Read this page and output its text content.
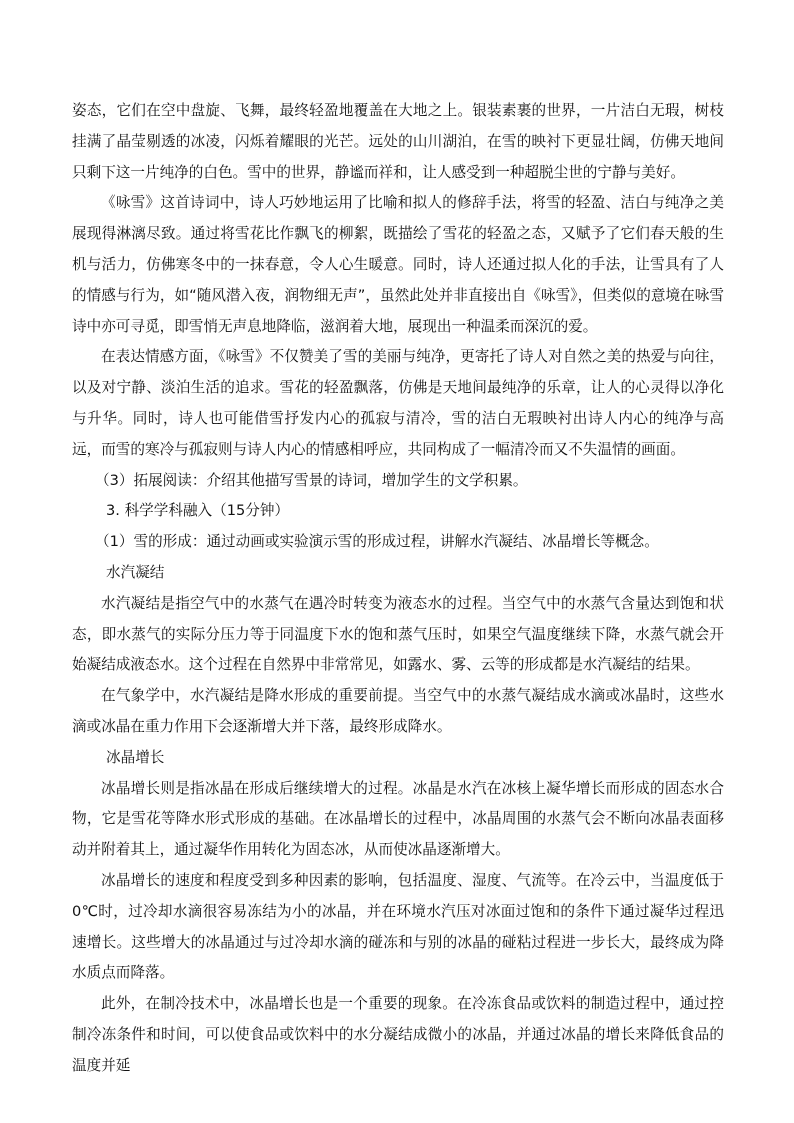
姿态，它们在空中盘旋、飞舞，最终轻盈地覆盖在大地之上。银装素裹的世界，一片洁白无瑕，树枝挂满了晶莹剔透的冰凌，闪烁着耀眼的光芒。远处的山川湖泊，在雪的映衬下更显壮阔，仿佛天地间只剩下这一片纯净的白色。雪中的世界，静谧而祥和，让人感受到一种超脱尘世的宁静与美好。

《咏雪》这首诗词中，诗人巧妙地运用了比喻和拟人的修辞手法，将雪的轻盈、洁白与纯净之美展现得淋漓尽致。通过将雪花比作飘飞的柳絮，既描绘了雪花的轻盈之态，又赋予了它们春天般的生机与活力，仿佛寒冬中的一抹春意，令人心生暖意。同时，诗人还通过拟人化的手法，让雪具有了人的情感与行为，如“随风潜入夜，润物细无声”，虽然此处并非直接出自《咏雪》，但类似的意境在咏雪诗中亦可寻觅，即雪悄无声息地降临，滋润着大地，展现出一种温柔而深沉的爱。

在表达情感方面，《咏雪》不仅赞美了雪的美丽与纯净，更寄托了诗人对自然之美的热爱与向往，以及对宁静、淡泊生活的追求。雪花的轻盈飘落，仿佛是天地间最纯净的乐章，让人的心灵得以净化与升华。同时，诗人也可能借雪抒发内心的孤寂与清冷，雪的洁白无瑕映衬出诗人内心的纯净与高远，而雪的寒冷与孤寂则与诗人内心的情感相呼应，共同构成了一幅清冷而又不失温情的画面。

（3）拓展阅读：介绍其他描写雪景的诗词，增加学生的文学积累。

3. 科学学科融入（15分钟）

（1）雪的形成：通过动画或实验演示雪的形成过程，讲解水汽凝结、冰晶增长等概念。

水汽凝结

水汽凝结是指空气中的水蒸气在遇冷时转变为液态水的过程。当空气中的水蒸气含量达到饱和状态，即水蒸气的实际分压力等于同温度下水的饱和蒸气压时，如果空气温度继续下降，水蒸气就会开始凝结成液态水。这个过程在自然界中非常常见，如露水、雾、云等的形成都是水汽凝结的结果。

在气象学中，水汽凝结是降水形成的重要前提。当空气中的水蒸气凝结成水滴或冰晶时，这些水滴或冰晶在重力作用下会逐渐增大并下落，最终形成降水。

冰晶增长

冰晶增长则是指冰晶在形成后继续增大的过程。冰晶是水汽在冰核上凝华增长而形成的固态水合物，它是雪花等降水形式形成的基础。在冰晶增长的过程中，冰晶周围的水蒸气会不断向冰晶表面移动并附着其上，通过凝华作用转化为固态冰，从而使冰晶逐渐增大。

冰晶增长的速度和程度受到多种因素的影响，包括温度、湿度、气流等。在冷云中，当温度低于0℃时，过冷却水滴很容易冻结为小的冰晶，并在环境水汽压对冰面过饱和的条件下通过凝华过程迅速增长。这些增大的冰晶通过与过冷却水滴的碰冻和与别的冰晶的碰粘过程进一步长大，最终成为降水质点而降落。

此外，在制冷技术中，冰晶增长也是一个重要的现象。在冷冻食品或饮料的制造过程中，通过控制冷冻条件和时间，可以使食品或饮料中的水分凝结成微小的冰晶，并通过冰晶的增长来降低食品的温度并延
